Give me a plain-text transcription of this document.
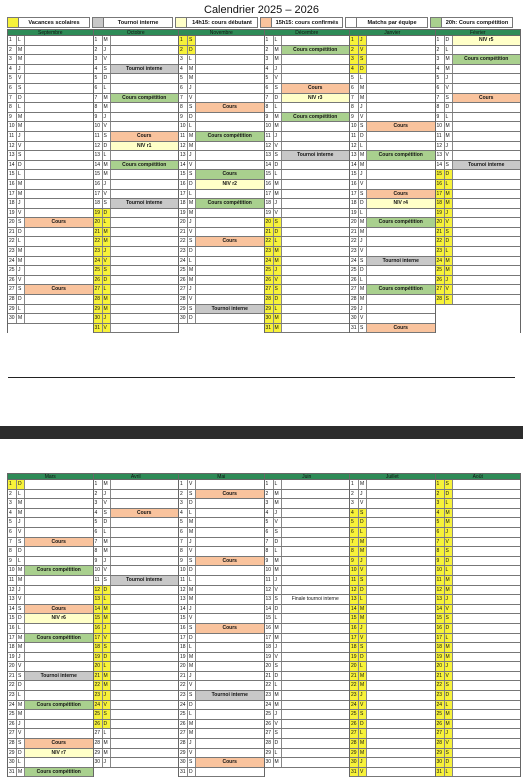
Calendrier 2025 – 2026
Vacances scolaires	Tournoi interne	14h15: cours débutant	15h15: cours confirmés	Matchs par équipe	20h: Cours compétition
Septembre
1	L
2	M
3	M
4	J
5	V
6	S
7	D
8	L
9	M
10 M
11 J
12 V
13 S
14 D
15 L
16 M
17 M
18 J
19 V
20 S	Cours
21 D
22 L
23 M
24 M
25 J
26 V
27 S	Cours
28 D
29 L
30 M
Octobre
1	M
2	J
3	V
4	S	Tournoi interne
5	D
6	L
7	M	Cours compétition
8	M
9	J
10 V
11 S	Cours
12 D	NIV r1
13 L
14 M	Cours compétition
15 M
16 J
17 V
18 S	Tournoi interne
19 D
20 L
21 M
22 M
23 J
24 V
25 S
26 D
27 L
28 M
29 M
30 J
31 V
Novembre
1	S
2	D
3	L
4	M
5	M
6	J
7	V
8	S	Cours
9	D
10 L
11 M	Cours compétition
12 M
13 J
14 V
15 S	Cours
16 D	NIV r2
17 L
18 M	Cours compétition
19 M
20 J
21 V
22 S	Cours
23 D
24 L
25 M
26 M
27 J
28 V
29 S	Tournoi interne
30 D
Décembre
1	L
2	M	Cours compétition
3	M
4	J
5	V
6	S	Cours
7	D	NIV r3
8	L
9	M	Cours compétition
10 M
11 J
12 V
13 S	Tournoi interne
14 D
15 L
16 M
17 M
18 J
19 V
20 S
21 D
22 L
23 M
24 M
25 J
26 V
27 S
28 D
29 L
30 M
31 M
Janvier
1	J
2	V
3	S
4	D
5	L
6	M
7	M
8	J
9	V
10 S	Cours
11 D
12 L
13 M	Cours compétition
14 M
15 J
16 V
17 S	Cours
18 D	NIV r4
19 L
20 M	Cours compétition
21 M
22 J
23 V
24 S	Tournoi interne
25 D
26 L
27 M	Cours compétition
28 M
29 J
30 V
31 S	Cours
Février
1	D	NIV r5
2	L
3	M	Cours compétition
4	M
5	J
6	V
7	S	Cours
8	D
9	L
10 M
11 M
12 J
13 V
14 S	Tournoi interne
15 D
16 L
17 M
18 M
19 J
20 V
21 S
22 D
23 L
24 M
25 M
26 J
27 V
28 S
Mars
1	D
2	L
3	M
4	M
5	J
6	V
7	S	Cours
8	D
9	L
10 M	Cours compétition
11 M
12 J
13 V
14 S	Cours
15 D	NIV r6
16 L
17 M	Cours compétition
18 M
19 J
20 V
21 S	Tournoi interne
22 D
23 L
24 M	Cours compétition
25 M
26 J
27 V
28 S	Cours
29 D	NIV r7
30 L
31 M	Cours compétition
Avril
1	M
2	J
3	V
4	S	Cours
5	D
6	L
7	M
8	M
9	J
10 V
11 S	Tournoi interne
12 D
13 L
14 M
15 M
16 J
17 V
18 S
19 D
20 L
21 M
22 M
23 J
24 V
25 S
26 D
27 L
28 M
29 M
30 J
Mai
1	V
2	S	Cours
3	D
4	L
5	M
6	M
7	J
8	V
9	S	Cours
10 D
11 L
12 M
13 M
14 J
15 V
16 S	Cours
17 D
18 L
19 M
20 M
21 J
22 V
23 S	Tournoi interne
24 D
25 L
26 M
27 M
28 J
29 V
30 S	Cours
31 D
Juin
1	L
2	M
3	M
4	J
5	V
6	S
7	D
8	L
9	M
10 M
11 J
12 V
13 S	Finale tournoi interne
14 D
15 L
16 M
17 M
18 J
19 V
20 S
21 D
22 L
23 M
24 M
25 J
26 V
27 S
28 D
29 L
30 M
Juillet
1	M
2	J
3	V
4	S
5	D
6	L
7	M
8	M
9	J
10 V
11 S
12 D
13 L
14 M
15 M
16 J
17 V
18 S
19 D
20 L
21 M
22 M
23 J
24 V
25 S
26 D
27 L
28 M
29 M
30 J
31 V
Août
1	S
2	D
3	L
4	M
5	M
6	J
7	V
8	S
9	D
10 L
11 M
12 M
13 J
14 V
15 S
16 D
17 L
18 M
19 M
20 J
21 V
22 S
23 D
24 L
25 M
26 M
27 J
28 V
29 S
30 D
31 L
